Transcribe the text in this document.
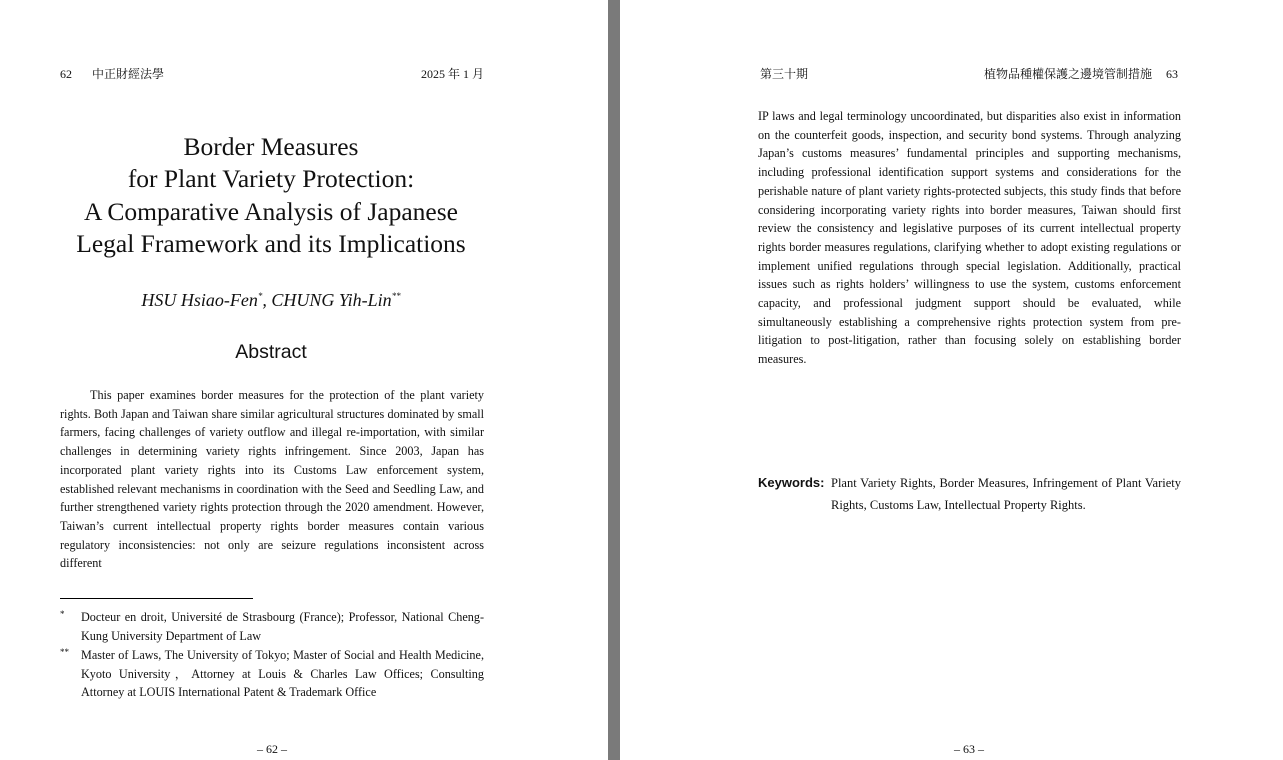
62 中正財經法學	2025 年 1 月
Border Measures
for Plant Variety Protection:
A Comparative Analysis of Japanese
Legal Framework and its Implications
HSU Hsiao-Fen*, CHUNG Yih-Lin**
Abstract

This paper examines border measures for the protection of the plant variety rights. Both Japan and Taiwan share similar agricultural structures dominated by small farmers, facing challenges of variety outflow and illegal re-importation, with similar challenges in determining variety rights infringement. Since 2003, Japan has incorporated plant variety rights into its Customs Law enforcement system, established relevant mechanisms in coordination with the Seed and Seedling Law, and further strengthened variety rights protection through the 2020 amendment. However, Taiwan’s current intellectual property rights border measures contain various regulatory inconsistencies: not only are seizure regulations inconsistent across different

* Docteur en droit, Université de Strasbourg (France); Professor, National Cheng-Kung University Department of Law
** Master of Laws, The University of Tokyo; Master of Social and Health Medicine, Kyoto University，Attorney at Louis & Charles Law Offices; Consulting Attorney at LOUIS International Patent & Trademark Office
– 62 –
第三十期	植物品種權保護之邊境管制措施 63

IP laws and legal terminology uncoordinated, but disparities also exist in information on the counterfeit goods, inspection, and security bond systems. Through analyzing Japan’s customs measures’ fundamental principles and supporting mechanisms, including professional identification support systems and considerations for the perishable nature of plant variety rights-protected subjects, this study finds that before considering incorporating variety rights into border measures, Taiwan should first review the consistency and legislative purposes of its current intellectual property rights border measures regulations, clarifying whether to adopt existing regulations or implement unified regulations through special legislation. Additionally, practical issues such as rights holders’ willingness to use the system, customs enforcement capacity, and professional judgment support should be evaluated, while simultaneously establishing a comprehensive rights protection system from pre-litigation to post-litigation, rather than focusing solely on establishing border measures.

Keywords: Plant Variety Rights, Border Measures, Infringement of Plant Variety Rights, Customs Law, Intellectual Property Rights.
– 63 –
